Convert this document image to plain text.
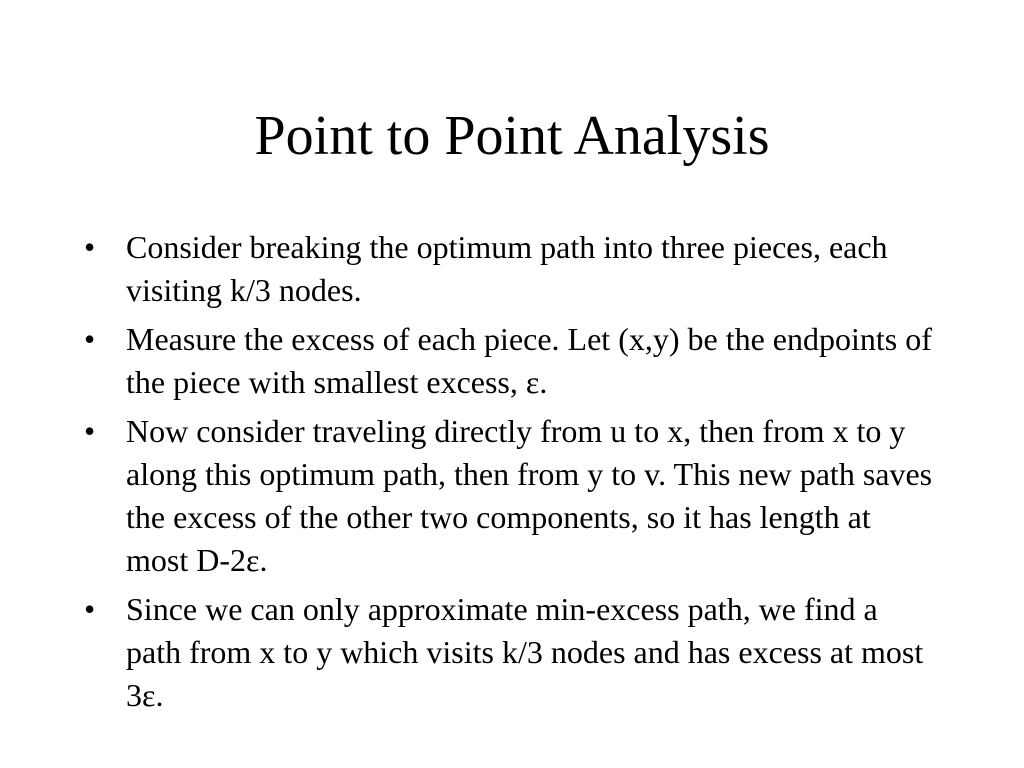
Point to Point Analysis
• Consider breaking the optimum path into three pieces, each visiting k/3 nodes.
• Measure the excess of each piece. Let (x,y) be the endpoints of the piece with smallest excess, ε.
• Now consider traveling directly from u to x, then from x to y along this optimum path, then from y to v. This new path saves the excess of the other two components, so it has length at most D-2ε.
• Since we can only approximate min-excess path, we find a path from x to y which visits k/3 nodes and has excess at most 3ε.
